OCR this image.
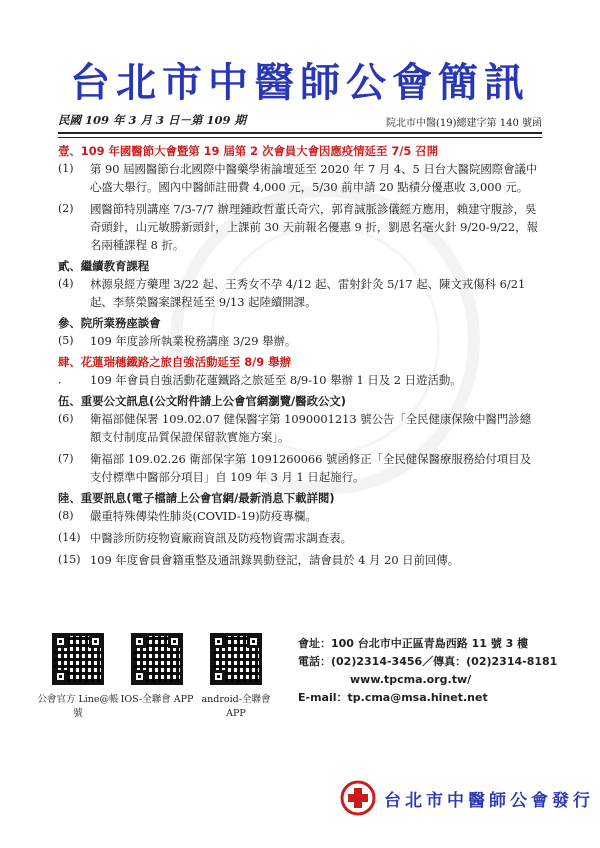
台北市中醫師公會簡訊
民國 109 年 3 月 3 日－第 109 期	院北市中醫(19)總建字第 140 號函
壹、109 年國醫節大會暨第 19 屆第 2 次會員大會因應疫情延至 7/5 召開
(1) 第 90 屆國醫節台北國際中醫藥學術論壇延至 2020 年 7 月 4、5 日台大醫院國際會議中心盛大舉行。國內中醫師註冊費 4,000 元，5/30 前申請 20 點積分優惠收 3,000 元。
(2) 國醫節特別講座 7/3-7/7 辦理鍾政哲董氏奇穴，郭育誠脈診儀經方應用，賴建守腹診，吳奇頭針，山元敏勝新頭針，上課前 30 天前報名優惠 9 折，劉恩名毫火針 9/20-9/22，報名兩種課程 8 折。
貳、繼續教育課程
(4) 林源泉經方藥理 3/22 起、王秀女不孕 4/12 起、雷射針灸 5/17 起、陳文戎傷科 6/21 起、李蔡榮醫案課程延至 9/13 起陸續開課。
參、院所業務座談會
(5) 109 年度診所執業稅務講座 3/29 舉辦。
肆、花蓮瑞穗鐵路之旅自強活動延至 8/9 舉辦
． 109 年會員自強活動花蓮鐵路之旅延至 8/9-10 舉辦 1 日及 2 日遊活動。
伍、重要公文訊息(公文附件請上公會官網瀏覽/醫政公文)
(6) 衛福部健保署 109.02.07 健保醫字第 1090001213 號公告「全民健康保險中醫門診總額支付制度品質保證保留款實施方案」。
(7) 衛福部 109.02.26 衛部保字第 1091260066 號函修正「全民健保醫療服務給付項目及支付標準中醫部分項目」自 109 年 3 月 1 日起施行。
陸、重要訊息(電子檔請上公會官網/最新消息下載詳閱)
(8) 嚴重特殊傳染性肺炎(COVID-19)防疫專欄。
(14) 中醫診所防疫物資廠商資訊及防疫物資需求調查表。
(15) 109 年度會員會籍重整及通訊錄異動登記，請會員於 4 月 20 日前回傳。
公會官方 Line@帳號
IOS-全聯會 APP android-全聯會 APP
會址：100 台北市中正區青島西路 11 號 3 樓
電話：(02)2314-3456／傳真：(02)2314-8181
www.tpcma.org.tw/
E-mail：tp.cma@msa.hinet.net
台北市中醫師公會發行
